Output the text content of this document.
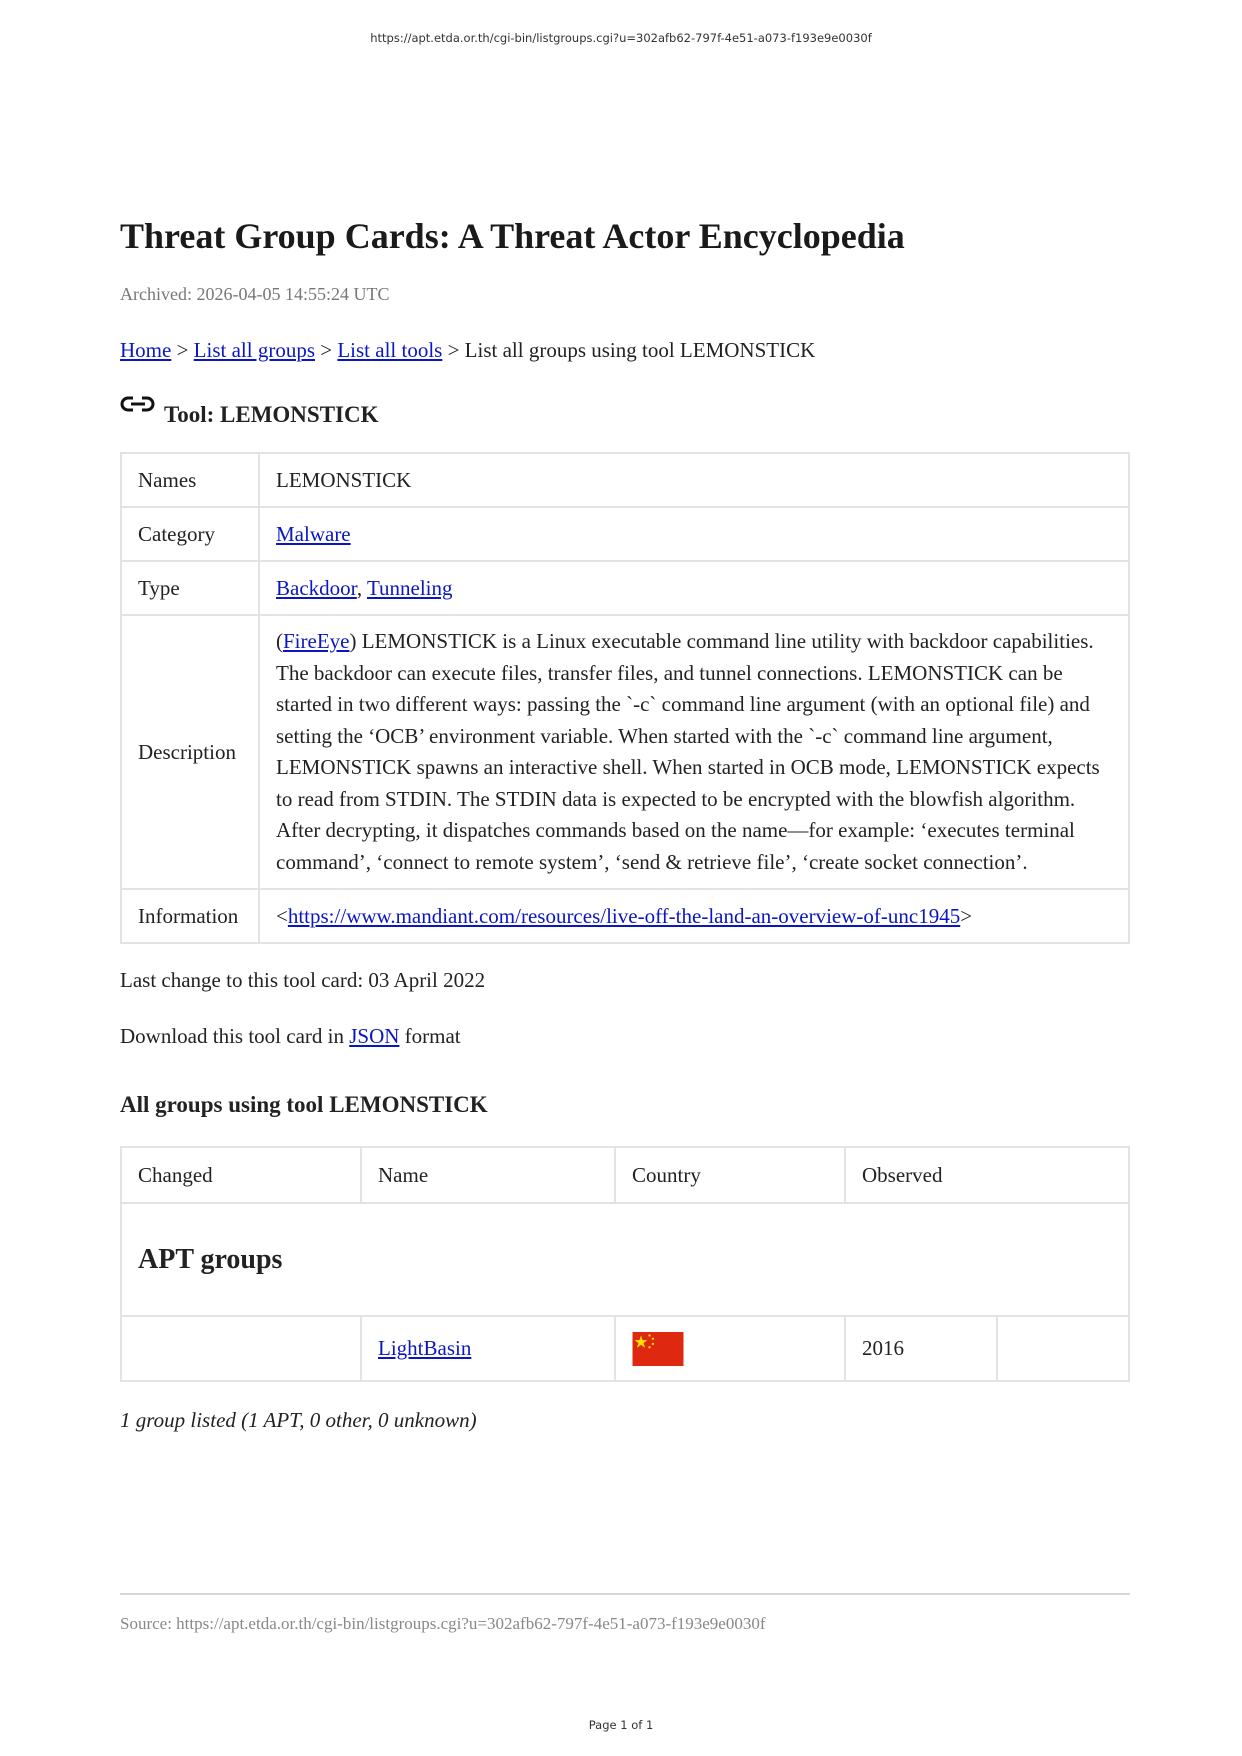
https://apt.etda.or.th/cgi-bin/listgroups.cgi?u=302afb62-797f-4e51-a073-f193e9e0030f
Threat Group Cards: A Threat Actor Encyclopedia
Archived: 2026-04-05 14:55:24 UTC
Home > List all groups > List all tools > List all groups using tool LEMONSTICK
Tool: LEMONSTICK
Names	LEMONSTICK
Category	Malware
Type	Backdoor, Tunneling
Description	(FireEye) LEMONSTICK is a Linux executable command line utility with backdoor capabilities. The backdoor can execute files, transfer files, and tunnel connections. LEMONSTICK can be started in two different ways: passing the `-c` command line argument (with an optional file) and setting the ‘OCB’ environment variable. When started with the `-c` command line argument, LEMONSTICK spawns an interactive shell. When started in OCB mode, LEMONSTICK expects to read from STDIN. The STDIN data is expected to be encrypted with the blowfish algorithm. After decrypting, it dispatches commands based on the name—for example: ‘executes terminal command’, ‘connect to remote system’, ‘send & retrieve file’, ‘create socket connection’.

Information	<https://www.mandiant.com/resources/live-off-the-land-an-overview-of-unc1945>
Last change to this tool card: 03 April 2022
Download this tool card in JSON format
All groups using tool LEMONSTICK
Changed	Name	Country	Observed	
APT groups				
	LightBasin		2016	
1 group listed (1 APT, 0 other, 0 unknown)
Source: https://apt.etda.or.th/cgi-bin/listgroups.cgi?u=302afb62-797f-4e51-a073-f193e9e0030f
Page 1 of 1
